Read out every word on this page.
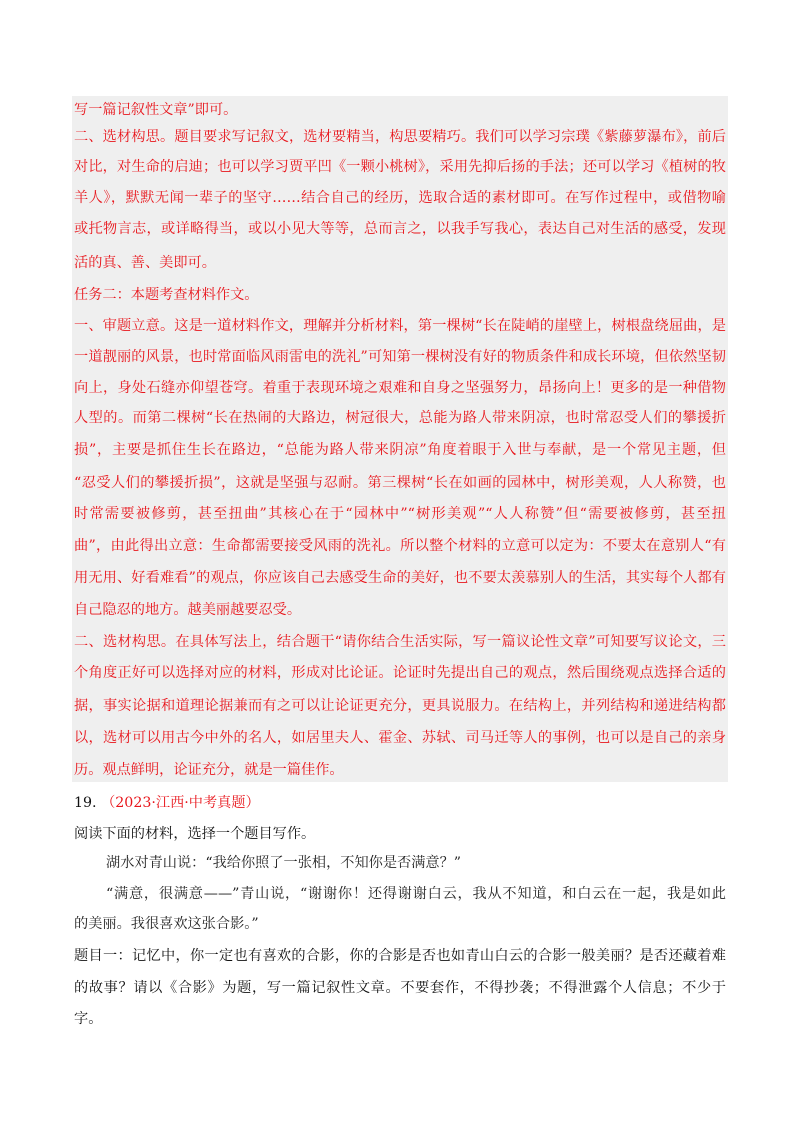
写一篇记叙性文章”即可。
二、选材构思。题目要求写记叙文，选材要精当，构思要精巧。我们可以学习宗璞《紫藤萝瀑布》，前后
对比，对生命的启迪；也可以学习贾平凹《一颗小桃树》，采用先抑后扬的手法；还可以学习《植树的牧
羊人》，默默无闻一辈子的坚守……结合自己的经历，选取合适的素材即可。在写作过程中，或借物喻
或托物言志，或详略得当，或以小见大等等，总而言之，以我手写我心，表达自己对生活的感受，发现
活的真、善、美即可。
任务二：本题考查材料作文。
一、审题立意。这是一道材料作文，理解并分析材料，第一棵树“长在陡峭的崖壁上，树根盘绕屈曲，是
一道靓丽的风景，也时常面临风雨雷电的洗礼”可知第一棵树没有好的物质条件和成长环境，但依然坚韧
向上，身处石缝亦仰望苍穹。着重于表现环境之艰难和自身之坚强努力，昂扬向上！更多的是一种借物
人型的。而第二棵树“长在热闹的大路边，树冠很大，总能为路人带来阴凉，也时常忍受人们的攀援折
损”，主要是抓住生长在路边，“总能为路人带来阴凉”角度着眼于入世与奉献，是一个常见主题，但
“忍受人们的攀援折损”，这就是坚强与忍耐。第三棵树“长在如画的园林中，树形美观，人人称赞，也
时常需要被修剪，甚至扭曲”其核心在于“园林中”“树形美观”“人人称赞”但“需要被修剪，甚至扭
曲”，由此得出立意：生命都需要接受风雨的洗礼。所以整个材料的立意可以定为：不要太在意别人“有
用无用、好看难看”的观点，你应该自己去感受生命的美好，也不要太羡慕别人的生活，其实每个人都有
自己隐忍的地方。越美丽越要忍受。
二、选材构思。在具体写法上，结合题干“请你结合生活实际，写一篇议论性文章”可知要写议论文，三
个角度正好可以选择对应的材料，形成对比论证。论证时先提出自己的观点，然后围绕观点选择合适的
据，事实论据和道理论据兼而有之可以让论证更充分，更具说服力。在结构上，并列结构和递进结构都
以，选材可以用古今中外的名人，如居里夫人、霍金、苏轼、司马迁等人的事例，也可以是自己的亲身
历。观点鲜明，论证充分，就是一篇佳作。
19. （2023·江西·中考真题）
阅读下面的材料，选择一个题目写作。
湖水对青山说：“我给你照了一张相，不知你是否满意？”
“满意，很满意——”青山说，“谢谢你！还得谢谢白云，我从不知道，和白云在一起，我是如此
的美丽。我很喜欢这张合影。”
题目一：记忆中，你一定也有喜欢的合影，你的合影是否也如青山白云的合影一般美丽？是否还藏着难
的故事？请以《合影》为题，写一篇记叙性文章。不要套作，不得抄袭；不得泄露个人信息；不少于
字。
